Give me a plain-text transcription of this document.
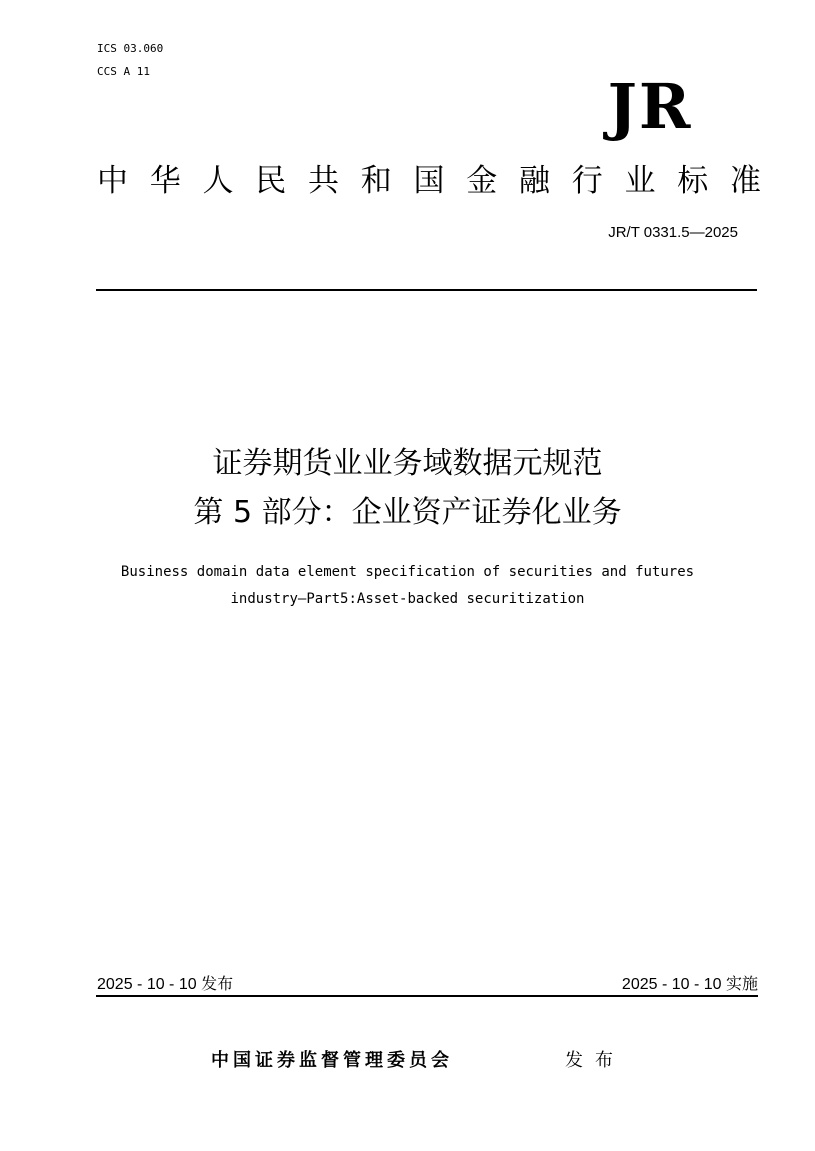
ICS 03.060
CCS A 11	JR
中 华 人 民 共 和 国 金 融 行 业 标 准
JR/T 0331.5—2025
证券期货业业务域数据元规范
第 5 部分：企业资产证券化业务
Business domain data element specification of securities and futures
industry—Part5:Asset-backed securitization
2025 - 10 - 10 发布	2025 - 10 - 10 实施
中国证券监督管理委员会	发布
